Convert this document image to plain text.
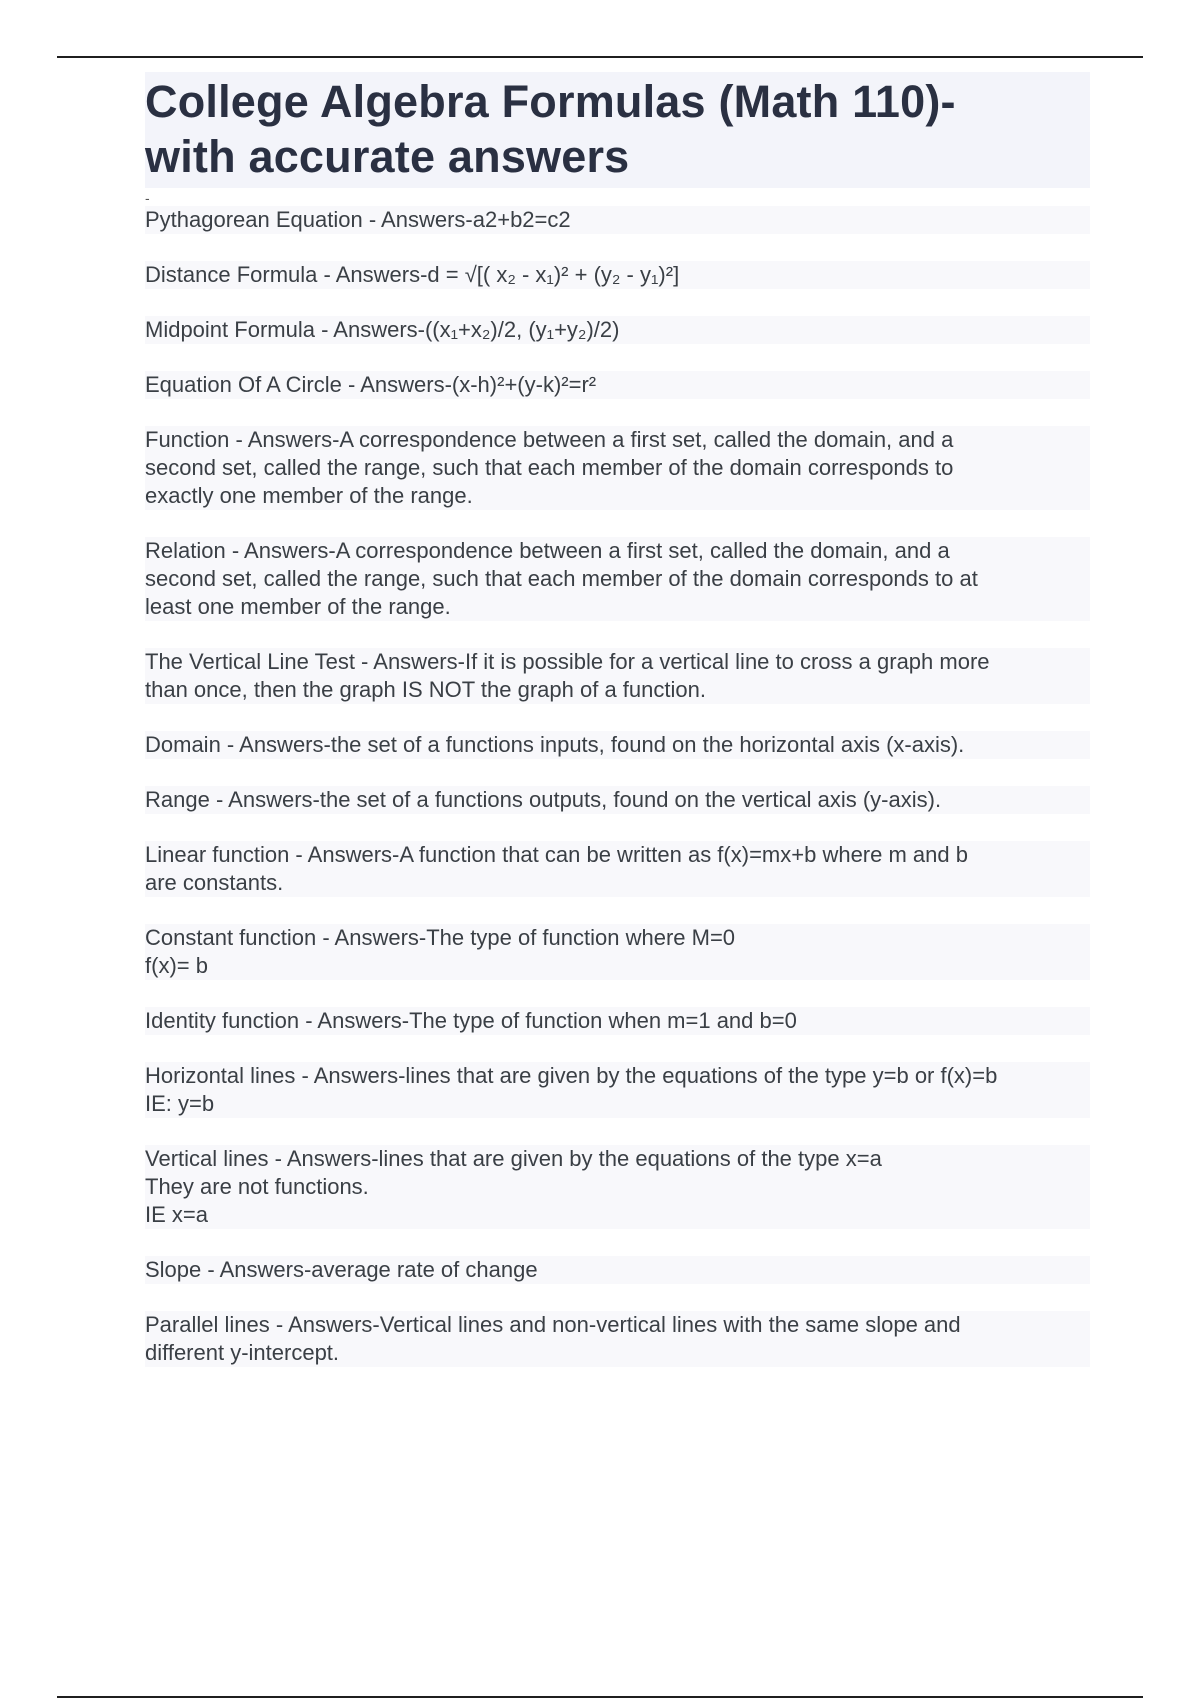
College Algebra Formulas (Math 110)-
with accurate answers
-
Pythagorean Equation - Answers-a2+b2=c2
Distance Formula - Answers-d = √[( x₂ - x₁)² + (y₂ - y₁)²]
Midpoint Formula - Answers-((x₁+x₂)/2, (y₁+y₂)/2)
Equation Of A Circle - Answers-(x-h)²+(y-k)²=r²
Function - Answers-A correspondence between a first set, called the domain, and a
second set, called the range, such that each member of the domain corresponds to
exactly one member of the range.
Relation - Answers-A correspondence between a first set, called the domain, and a
second set, called the range, such that each member of the domain corresponds to at
least one member of the range.
The Vertical Line Test - Answers-If it is possible for a vertical line to cross a graph more
than once, then the graph IS NOT the graph of a function.
Domain - Answers-the set of a functions inputs, found on the horizontal axis (x-axis).
Range - Answers-the set of a functions outputs, found on the vertical axis (y-axis).
Linear function - Answers-A function that can be written as f(x)=mx+b where m and b
are constants.
Constant function - Answers-The type of function where M=0
f(x)= b
Identity function - Answers-The type of function when m=1 and b=0
Horizontal lines - Answers-lines that are given by the equations of the type y=b or f(x)=b
IE: y=b
Vertical lines - Answers-lines that are given by the equations of the type x=a
They are not functions.
IE x=a
Slope - Answers-average rate of change
Parallel lines - Answers-Vertical lines and non-vertical lines with the same slope and
different y-intercept.
